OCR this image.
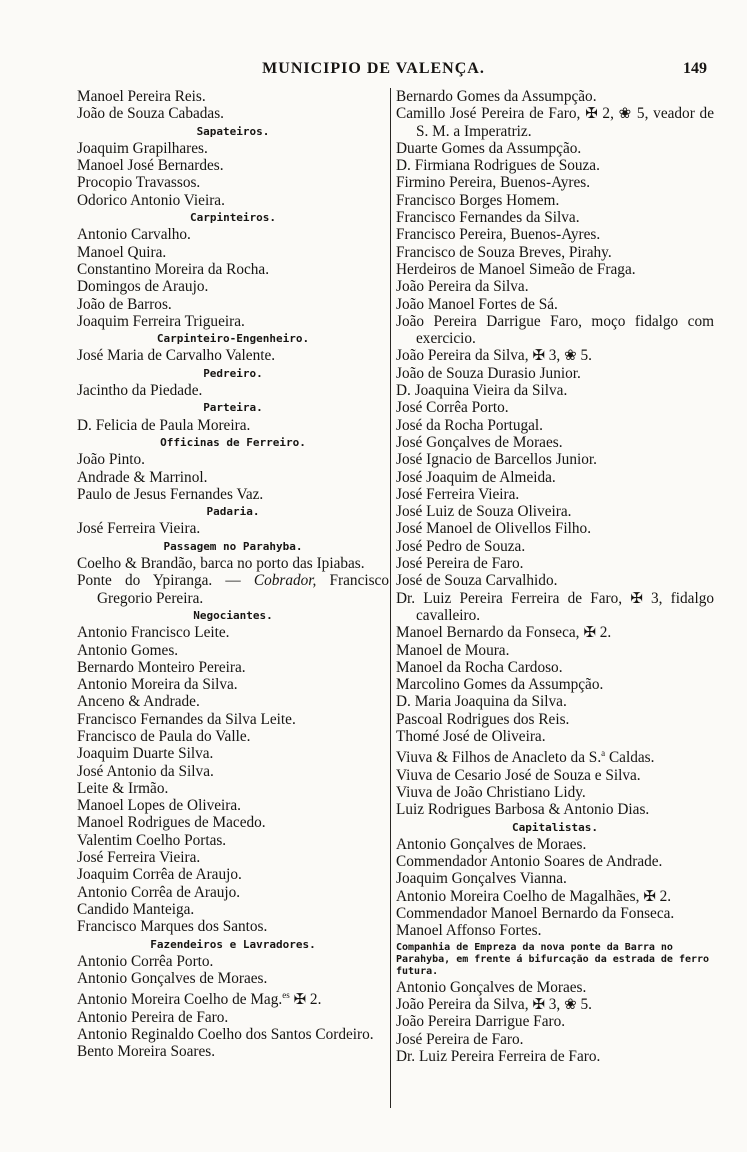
MUNICIPIO DE VALENÇA.	149

Manoel Pereira Reis.

João de Souza Cabadas.

Sapateiros.

Joaquim Grapilhares.

Manoel José Bernardes.

Procopio Travassos.

Odorico Antonio Vieira.

Carpinteiros.

Antonio Carvalho.

Manoel Quira.

Constantino Moreira da Rocha.

Domingos de Araujo.

João de Barros.

Joaquim Ferreira Trigueira.

Carpinteiro-Engenheiro.

José Maria de Carvalho Valente.

Pedreiro.

Jacintho da Piedade.

Parteira.

D. Felicia de Paula Moreira.

Officinas de Ferreiro.

João Pinto.

Andrade & Marrinol.

Paulo de Jesus Fernandes Vaz.

Padaria.

José Ferreira Vieira.

Passagem no Parahyba.

Coelho & Brandão, barca no porto das Ipiabas.

Ponte do Ypiranga. — Cobrador, Francisco Gregorio Pereira.

Negociantes.

Antonio Francisco Leite.

Antonio Gomes.

Bernardo Monteiro Pereira.

Antonio Moreira da Silva.

Anceno & Andrade.

Francisco Fernandes da Silva Leite.

Francisco de Paula do Valle.

Joaquim Duarte Silva.

José Antonio da Silva.

Leite & Irmão.

Manoel Lopes de Oliveira.

Manoel Rodrigues de Macedo.

Valentim Coelho Portas.

José Ferreira Vieira.

Joaquim Corrêa de Araujo.

Antonio Corrêa de Araujo.

Candido Manteiga.

Francisco Marques dos Santos.

Fazendeiros e Lavradores.

Antonio Corrêa Porto.

Antonio Gonçalves de Moraes.

Antonio Moreira Coelho de Mag.$^{es}$ ✠ 2.

Antonio Pereira de Faro.

Antonio Reginaldo Coelho dos Santos Cordeiro.

Bento Moreira Soares.

Bernardo Gomes da Assumpção.

Camillo José Pereira de Faro, ✠ 2, ❀ 5, veador de S. M. a Imperatriz.

Duarte Gomes da Assumpção.

D. Firmiana Rodrigues de Souza.

Firmino Pereira, Buenos-Ayres.

Francisco Borges Homem.

Francisco Fernandes da Silva.

Francisco Pereira, Buenos-Ayres.

Francisco de Souza Breves, Pirahy.

Herdeiros de Manoel Simeão de Fraga.

João Pereira da Silva.

João Manoel Fortes de Sá.

João Pereira Darrigue Faro, moço fidalgo com exercicio.

João Pereira da Silva, ✠ 3, ❀ 5.

João de Souza Durasio Junior.

D. Joaquina Vieira da Silva.

José Corrêa Porto.

José da Rocha Portugal.

José Gonçalves de Moraes.

José Ignacio de Barcellos Junior.

José Joaquim de Almeida.

José Ferreira Vieira.

José Luiz de Souza Oliveira.

José Manoel de Olivellos Filho.

José Pedro de Souza.

José Pereira de Faro.

José de Souza Carvalhido.

Dr. Luiz Pereira Ferreira de Faro, ✠ 3, fidalgo cavalleiro.

Manoel Bernardo da Fonseca, ✠ 2.

Manoel de Moura.

Manoel da Rocha Cardoso.

Marcolino Gomes da Assumpção.

D. Maria Joaquina da Silva.

Pascoal Rodrigues dos Reis.

Thomé José de Oliveira.

Viuva & Filhos de Anacleto da S.$^a$ Caldas.

Viuva de Cesario José de Souza e Silva.

Viuva de João Christiano Lidy.

Luiz Rodrigues Barbosa & Antonio Dias.

Capitalistas.

Antonio Gonçalves de Moraes.

Commendador Antonio Soares de Andrade.

Joaquim Gonçalves Vianna.

Antonio Moreira Coelho de Magalhães, ✠ 2.

Commendador Manoel Bernardo da Fonseca.

Manoel Affonso Fortes.

Companhia de Empreza da nova ponte da Barra no Parahyba, em frente á bifurcação da estrada de ferro futura.

Antonio Gonçalves de Moraes.

João Pereira da Silva, ✠ 3, ❀ 5.

João Pereira Darrigue Faro.

José Pereira de Faro.

Dr. Luiz Pereira Ferreira de Faro.
